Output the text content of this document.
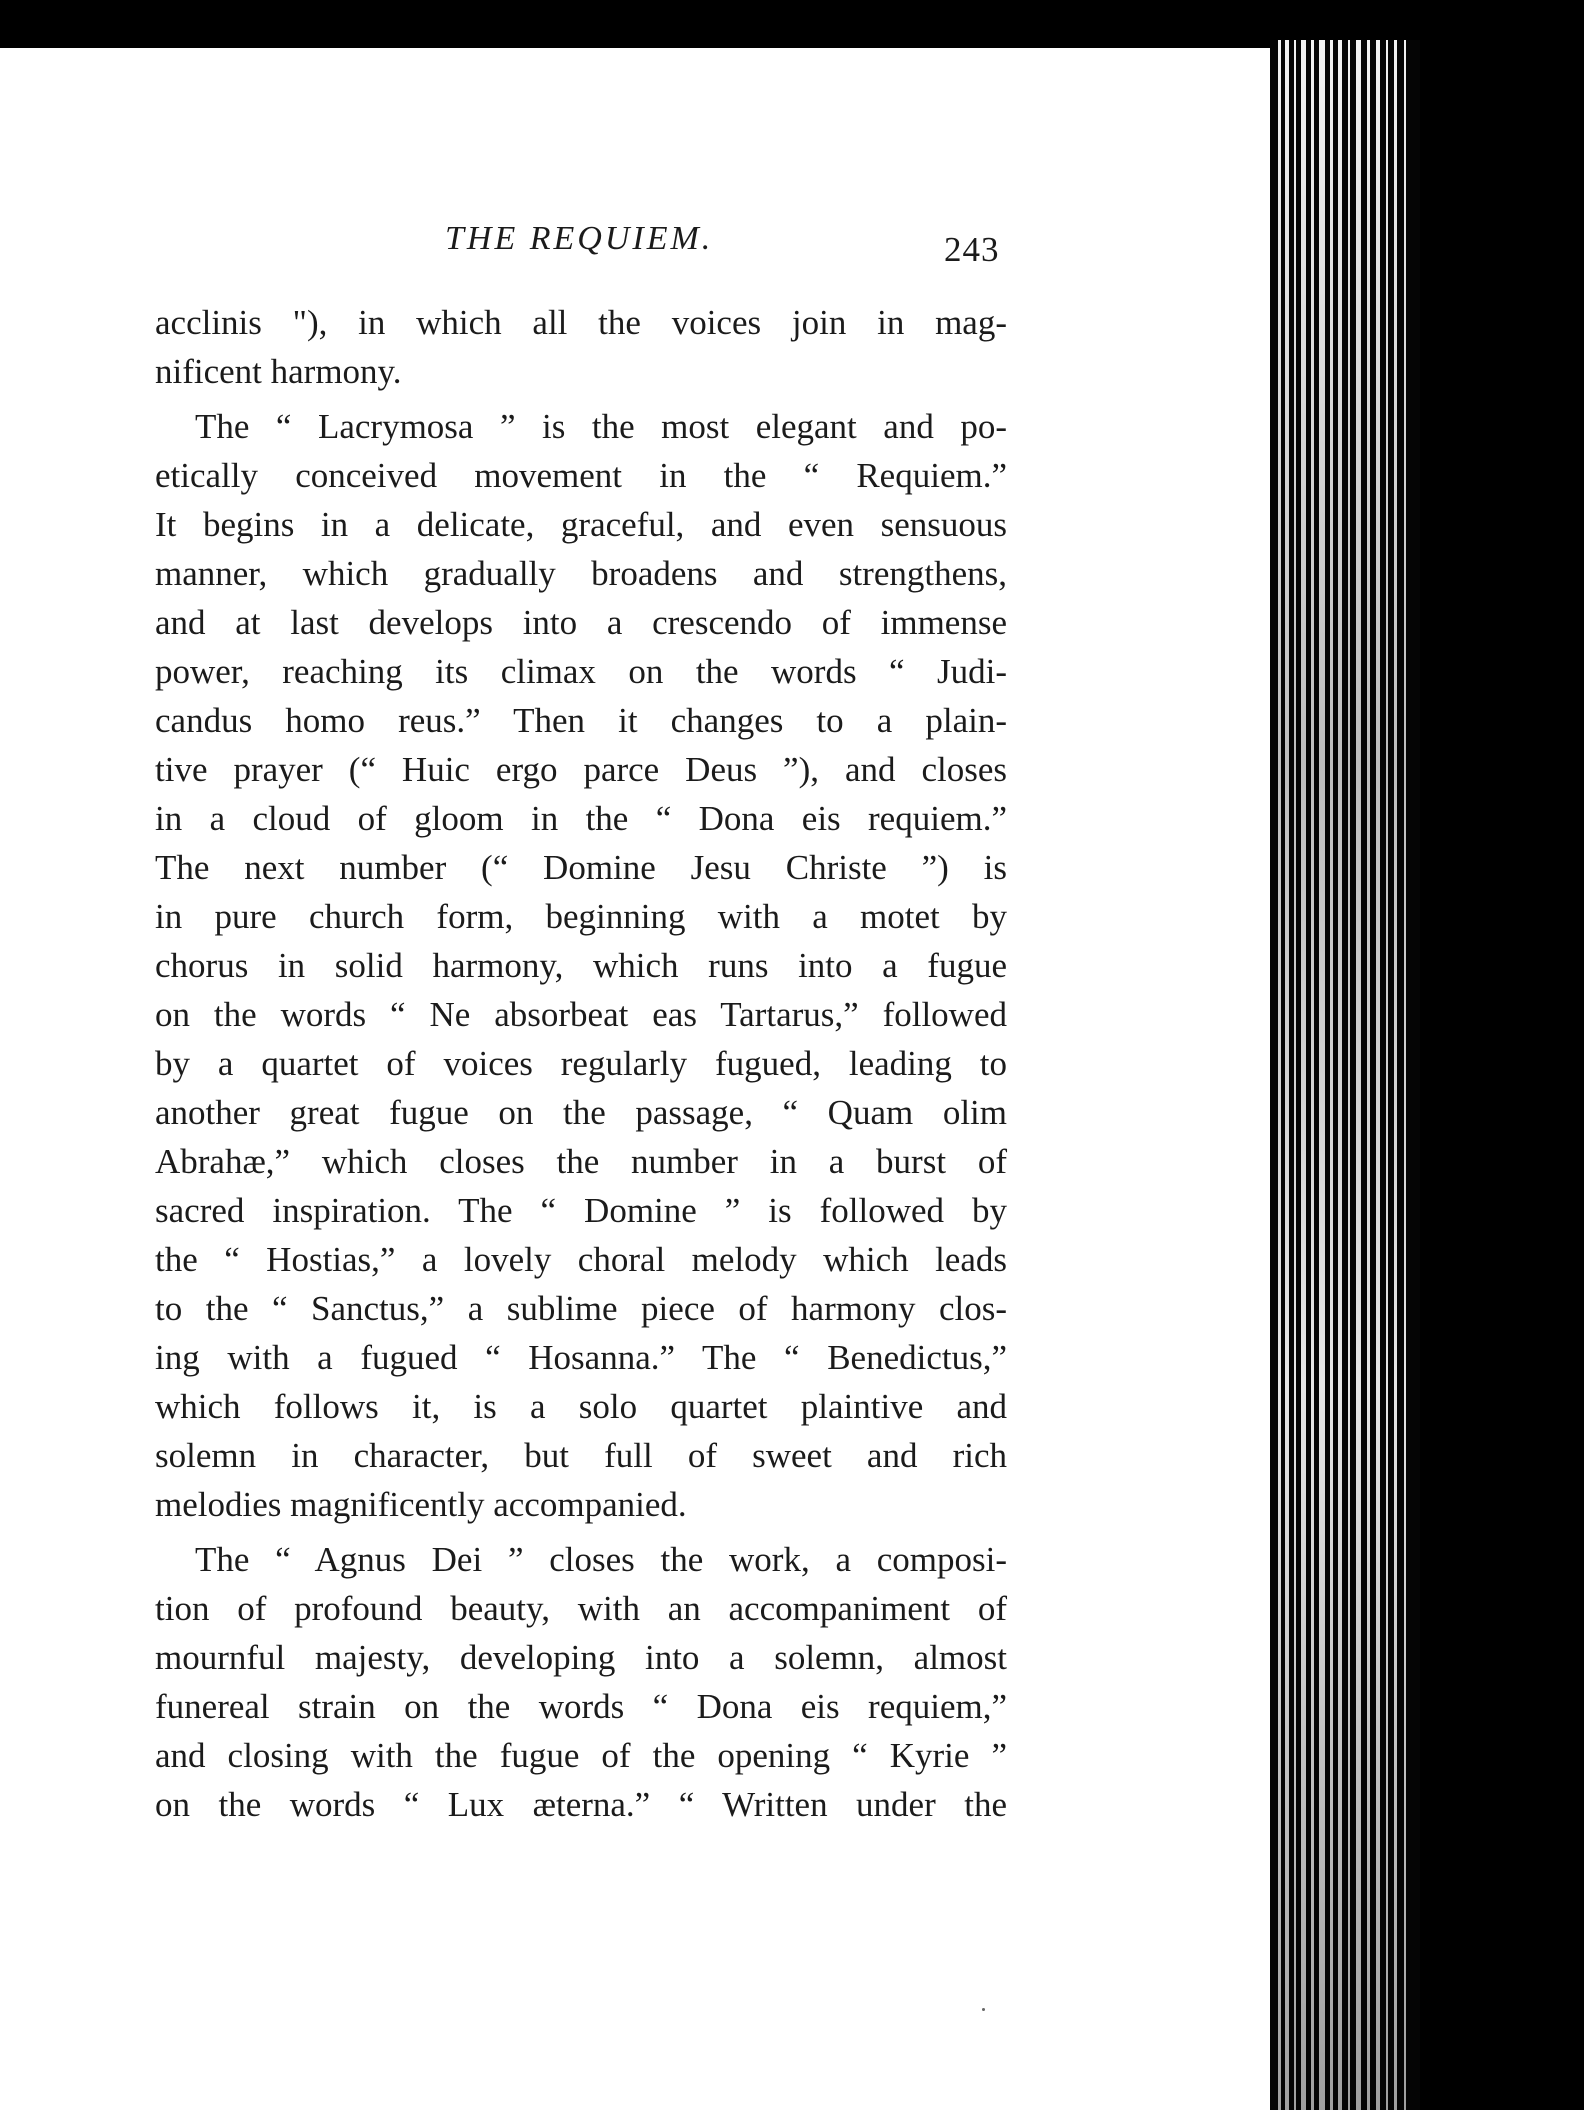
THE REQUIEM.	243
acclinis "), in which all the voices join in mag-
nificent harmony.
The “ Lacrymosa ” is the most elegant and po-
etically conceived movement in the “ Requiem.”
It begins in a delicate, graceful, and even sensuous
manner, which gradually broadens and strengthens,
and at last develops into a crescendo of immense
power, reaching its climax on the words “ Judi-
candus homo reus.” Then it changes to a plain-
tive prayer (“ Huic ergo parce Deus ”), and closes
in a cloud of gloom in the “ Dona eis requiem.”
The next number (“ Domine Jesu Christe ”) is
in pure church form, beginning with a motet by
chorus in solid harmony, which runs into a fugue
on the words “ Ne absorbeat eas Tartarus,” followed
by a quartet of voices regularly fugued, leading to
another great fugue on the passage, “ Quam olim
Abrahæ,” which closes the number in a burst of
sacred inspiration. The “ Domine ” is followed by
the “ Hostias,” a lovely choral melody which leads
to the “ Sanctus,” a sublime piece of harmony clos-
ing with a fugued “ Hosanna.” The “ Benedictus,”
which follows it, is a solo quartet plaintive and
solemn in character, but full of sweet and rich
melodies magnificently accompanied.
The “ Agnus Dei ” closes the work, a composi-
tion of profound beauty, with an accompaniment of
mournful majesty, developing into a solemn, almost
funereal strain on the words “ Dona eis requiem,”
and closing with the fugue of the opening “ Kyrie ”
on the words “ Lux æterna.” “ Written under the
